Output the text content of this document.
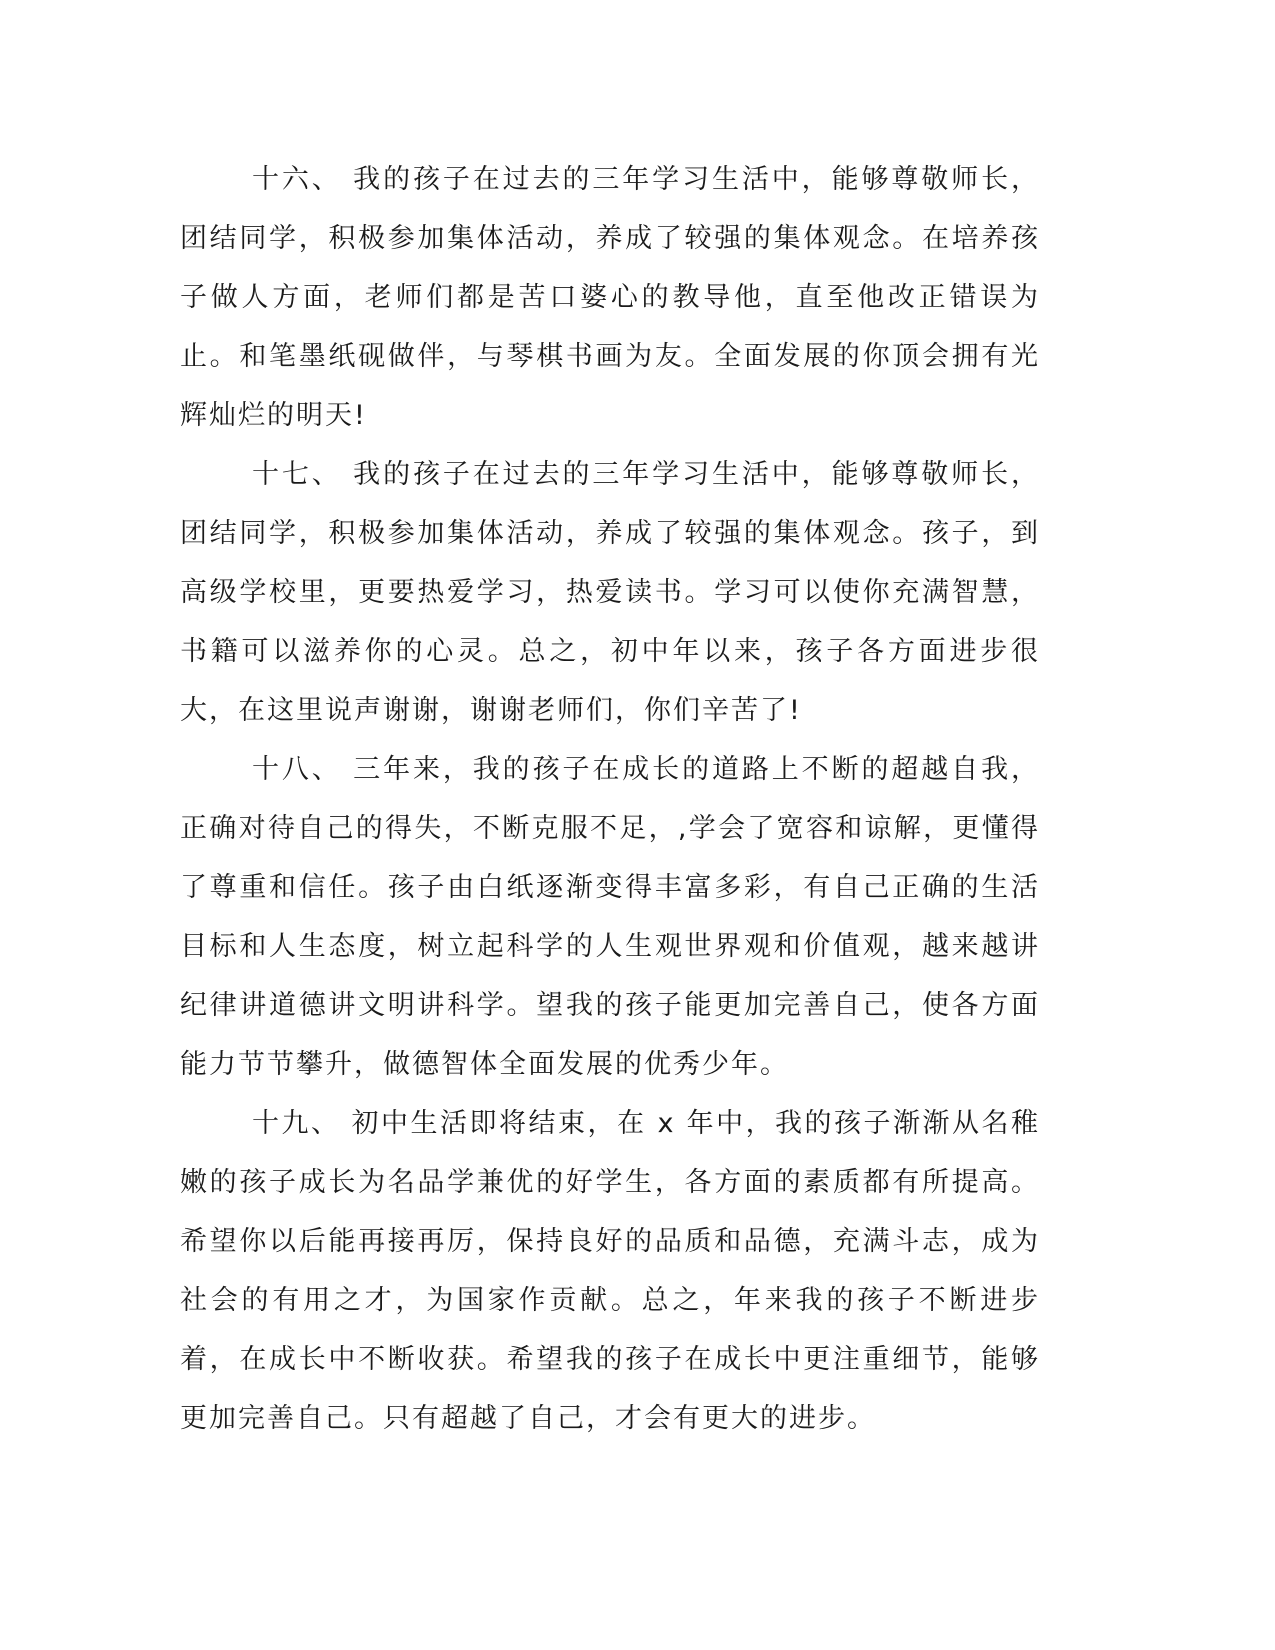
十六、 我的孩子在过去的三年学习生活中，能够尊敬师长，团结同学，积极参加集体活动，养成了较强的集体观念。在培养孩子做人方面，老师们都是苦口婆心的教导他，直至他改正错误为止。和笔墨纸砚做伴，与琴棋书画为友。全面发展的你顶会拥有光辉灿烂的明天!

十七、 我的孩子在过去的三年学习生活中，能够尊敬师长，团结同学，积极参加集体活动，养成了较强的集体观念。孩子，到高级学校里，更要热爱学习，热爱读书。学习可以使你充满智慧，书籍可以滋养你的心灵。总之，初中年以来，孩子各方面进步很大，在这里说声谢谢，谢谢老师们，你们辛苦了!

十八、 三年来，我的孩子在成长的道路上不断的超越自我，正确对待自己的得失，不断克服不足，,学会了宽容和谅解，更懂得了尊重和信任。孩子由白纸逐渐变得丰富多彩，有自己正确的生活目标和人生态度，树立起科学的人生观世界观和价值观，越来越讲纪律讲道德讲文明讲科学。望我的孩子能更加完善自己，使各方面能力节节攀升，做德智体全面发展的优秀少年。

十九、 初中生活即将结束，在 x 年中，我的孩子渐渐从名稚嫩的孩子成长为名品学兼优的好学生，各方面的素质都有所提高。希望你以后能再接再厉，保持良好的品质和品德，充满斗志，成为社会的有用之才，为国家作贡献。总之，年来我的孩子不断进步着，在成长中不断收获。希望我的孩子在成长中更注重细节，能够更加完善自己。只有超越了自己，才会有更大的进步。
